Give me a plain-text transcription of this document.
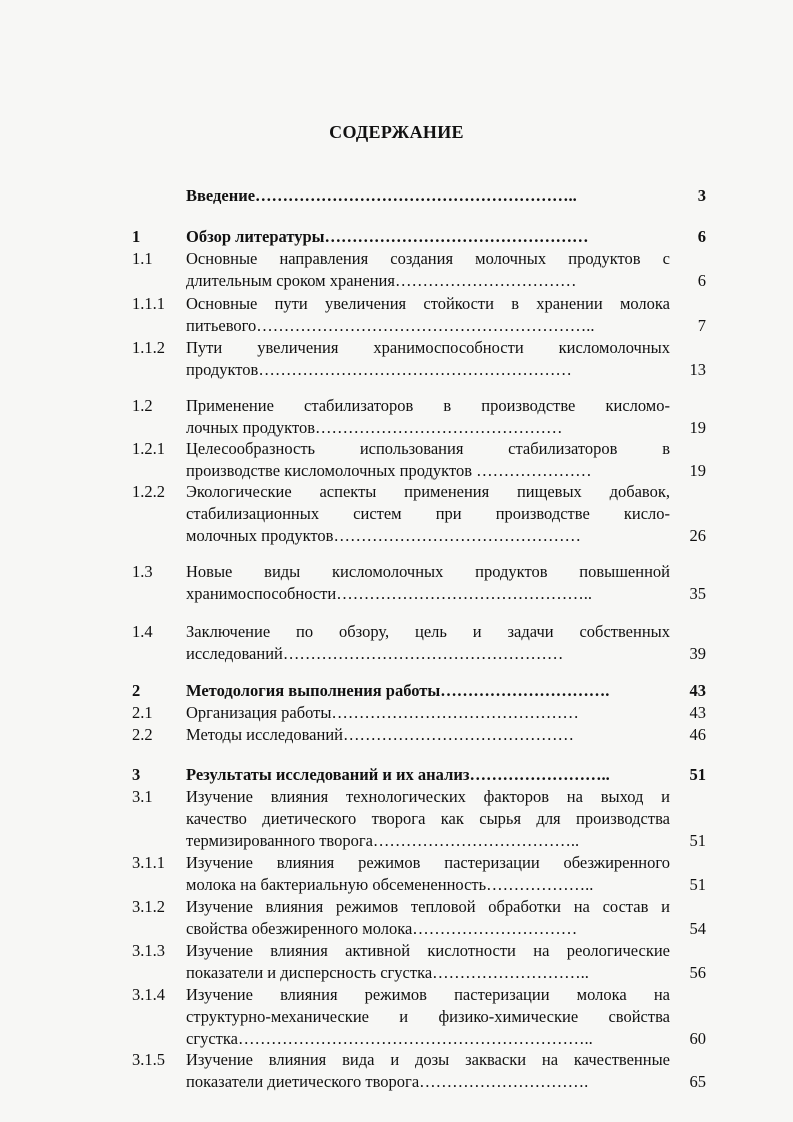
СОДЕРЖАНИЕ
Введение…………………………………………………..	3
1	Обзор литературы…………………………………………	6
1.1 Основные направления создания молочных продуктов с
длительным сроком хранения……………………………	6
1.1.1 Основные пути увеличения стойкости в хранении молока
питьевого……………………………………………………..	7
1.1.2 Пути увеличения хранимоспособности кисломолочных
продуктов…………………………………………………	13
1.2 Применение стабилизаторов в производстве кисломо-
лочных продуктов………………………………………	19
1.2.1 Целесообразность использования стабилизаторов в
производстве кисломолочных продуктов …………………	19
1.2.2 Экологические аспекты применения пищевых добавок,
стабилизационных систем при производстве кисло-
молочных продуктов………………………………………	26
1.3 Новые виды кисломолочных продуктов повышенной
хранимоспособности………………………………………..	35
1.4 Заключение по обзору, цель и задачи собственных
исследований……………………………………………	39
2	Методология выполнения работы………………………….	43
2.1 Организация работы………………………………………	43
2.2 Методы исследований……………………………………	46
3	Результаты исследований и их анализ……………………..	51
3.1 Изучение влияния технологических факторов на выход и
качество диетического творога как сырья для производства
термизированного творога………………………………..	51
3.1.1 Изучение влияния режимов пастеризации обезжиренного
молока на бактериальную обсемененность………………..	51
3.1.2 Изучение влияния режимов тепловой обработки на состав и
свойства обезжиренного молока…………………………	54
3.1.3 Изучение влияния активной кислотности на реологические
показатели и дисперсность сгустка………………………..	56
3.1.4 Изучение влияния режимов пастеризации молока на
структурно-механические и физико-химические свойства
сгустка………………………………………………………..	60
3.1.5 Изучение влияния вида и дозы закваски на качественные
показатели диетического творога………………………….	65
